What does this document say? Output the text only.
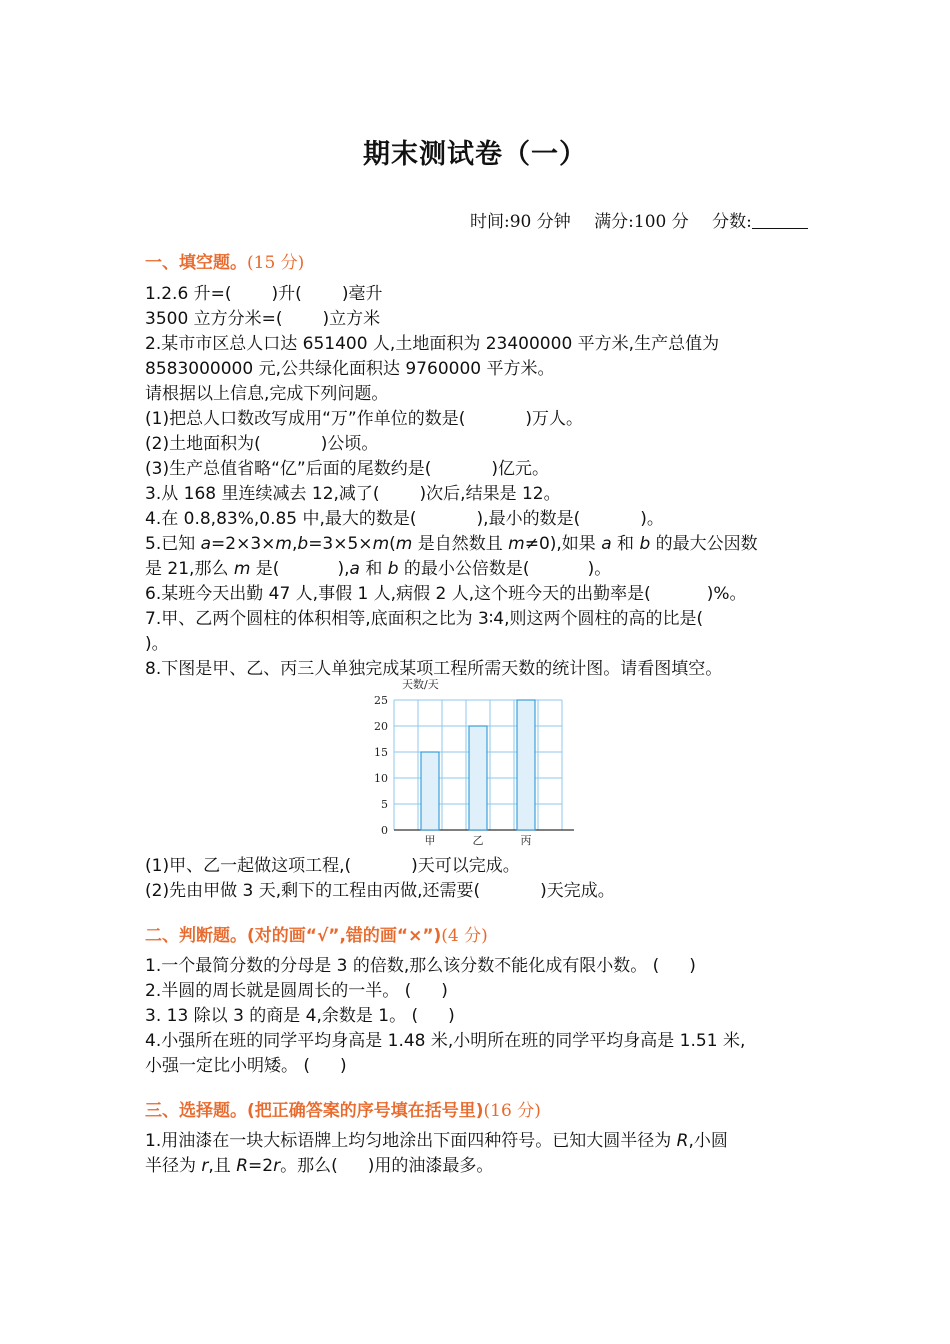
期末测试卷（一）
时间:90 分钟 满分:100 分 分数:
一、填空题。(15 分)
1.2.6 升=( )升( )毫升
3500 立方分米=( )立方米
2.某市市区总人口达 651400 人,土地面积为 23400000 平方米,生产总值为
8583000000 元,公共绿化面积达 9760000 平方米。
请根据以上信息,完成下列问题。
(1)把总人口数改写成用“万”作单位的数是(	)万人。
(2)土地面积为(	)公顷。
(3)生产总值省略“亿”后面的尾数约是(	)亿元。
3.从 168 里连续减去 12,减了( )次后,结果是 12。
4.在 0.8,83%,0.85 中,最大的数是(	),最小的数是(	)。
5.已知 a=2×3×m,b=3×5×m(m 是自然数且 m≠0),如果 a 和 b 的最大公因数
是 21,那么 m 是(	),a 和 b 的最小公倍数是(	)。
6.某班今天出勤 47 人,事假 1 人,病假 2 人,这个班今天的出勤率是(	)%。
7.甲、乙两个圆柱的体积相等,底面积之比为 3∶4,则这两个圆柱的高的比是(
)。
8.下图是甲、乙、丙三人单独完成某项工程所需天数的统计图。请看图填空。
天数/天
0
5
10
15
20
25
甲	乙	丙
(1)甲、乙一起做这项工程,(	)天可以完成。
(2)先由甲做 3 天,剩下的工程由丙做,还需要(	)天完成。
二、判断题。(对的画“√”,错的画“×”)(4 分)
1.一个最简分数的分母是 3 的倍数,那么该分数不能化成有限小数。 ( )
2.半圆的周长就是圆周长的一半。 ( )
3. 13 除以 3 的商是 4,余数是 1。 ( )
4.小强所在班的同学平均身高是 1.48 米,小明所在班的同学平均身高是 1.51 米,
小强一定比小明矮。 ( )
三、选择题。(把正确答案的序号填在括号里)(16 分)
1.用油漆在一块大标语牌上均匀地涂出下面四种符号。已知大圆半径为 R,小圆
半径为 r,且 R=2r。那么( )用的油漆最多。
